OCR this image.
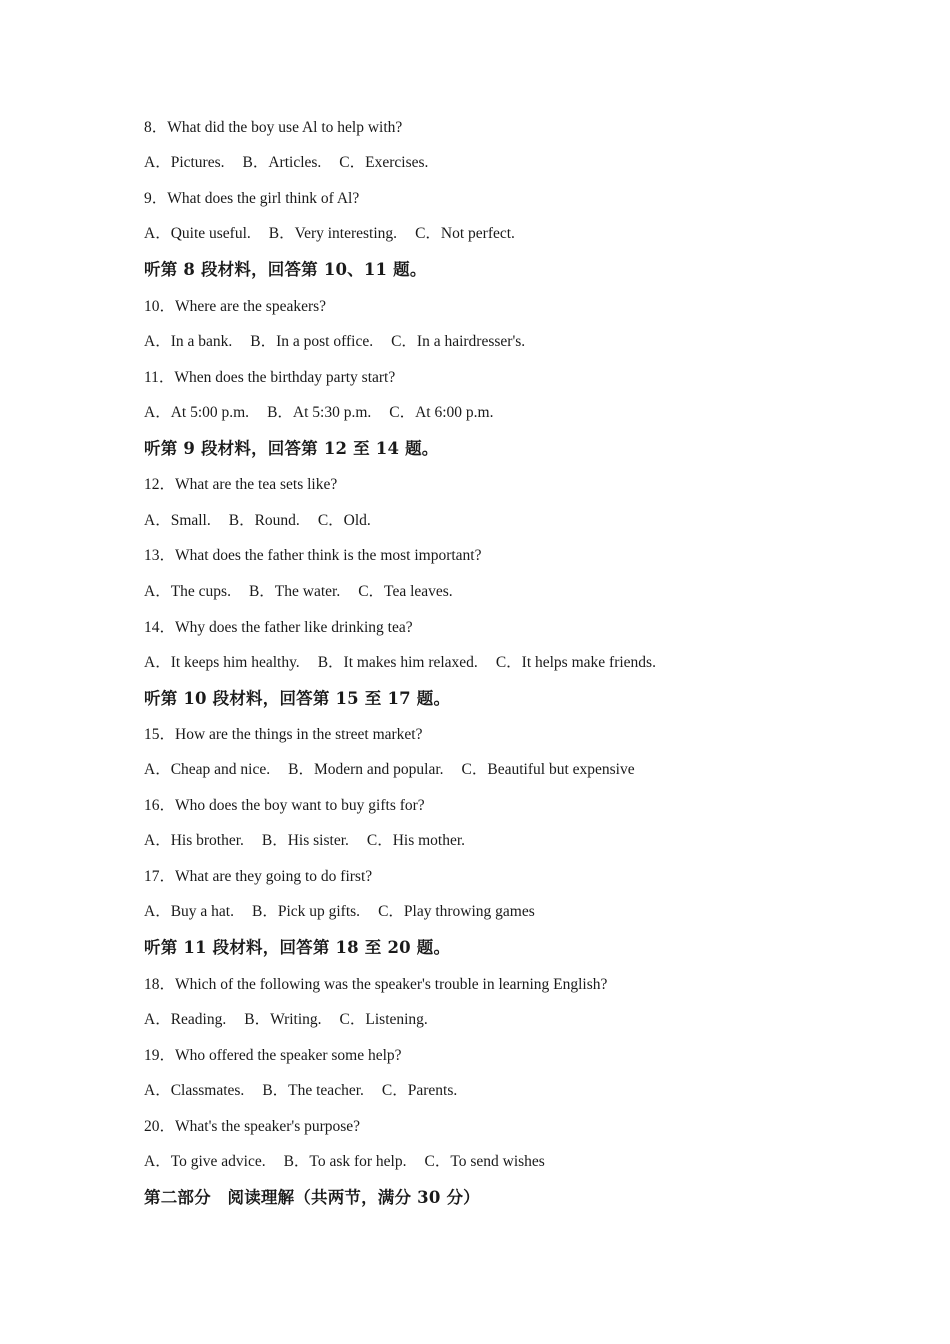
8．What did the boy use Al to help with?
A．Pictures. B．Articles. C．Exercises.
9．What does the girl think of Al?
A．Quite useful. B．Very interesting. C．Not perfect.
听第 8 段材料，回答第 10、11 题。
10．Where are the speakers?
A．In a bank. B．In a post office. C．In a hairdresser's.
11．When does the birthday party start?
A．At 5:00 p.m. B．At 5:30 p.m. C．At 6:00 p.m.
听第 9 段材料，回答第 12 至 14 题。
12．What are the tea sets like?
A．Small. B．Round. C．Old.
13．What does the father think is the most important?
A．The cups. B．The water. C．Tea leaves.
14．Why does the father like drinking tea?
A．It keeps him healthy. B．It makes him relaxed. C．It helps make friends.
听第 10 段材料，回答第 15 至 17 题。
15．How are the things in the street market?
A．Cheap and nice. B．Modern and popular. C．Beautiful but expensive
16．Who does the boy want to buy gifts for?
A．His brother. B．His sister. C．His mother.
17．What are they going to do first?
A．Buy a hat. B．Pick up gifts. C．Play throwing games
听第 11 段材料，回答第 18 至 20 题。
18．Which of the following was the speaker's trouble in learning English?
A．Reading. B．Writing. C．Listening.
19．Who offered the speaker some help?
A．Classmates. B．The teacher. C．Parents.
20．What's the speaker's purpose?
A．To give advice. B．To ask for help. C．To send wishes
第二部分　阅读理解（共两节，满分 30 分）
